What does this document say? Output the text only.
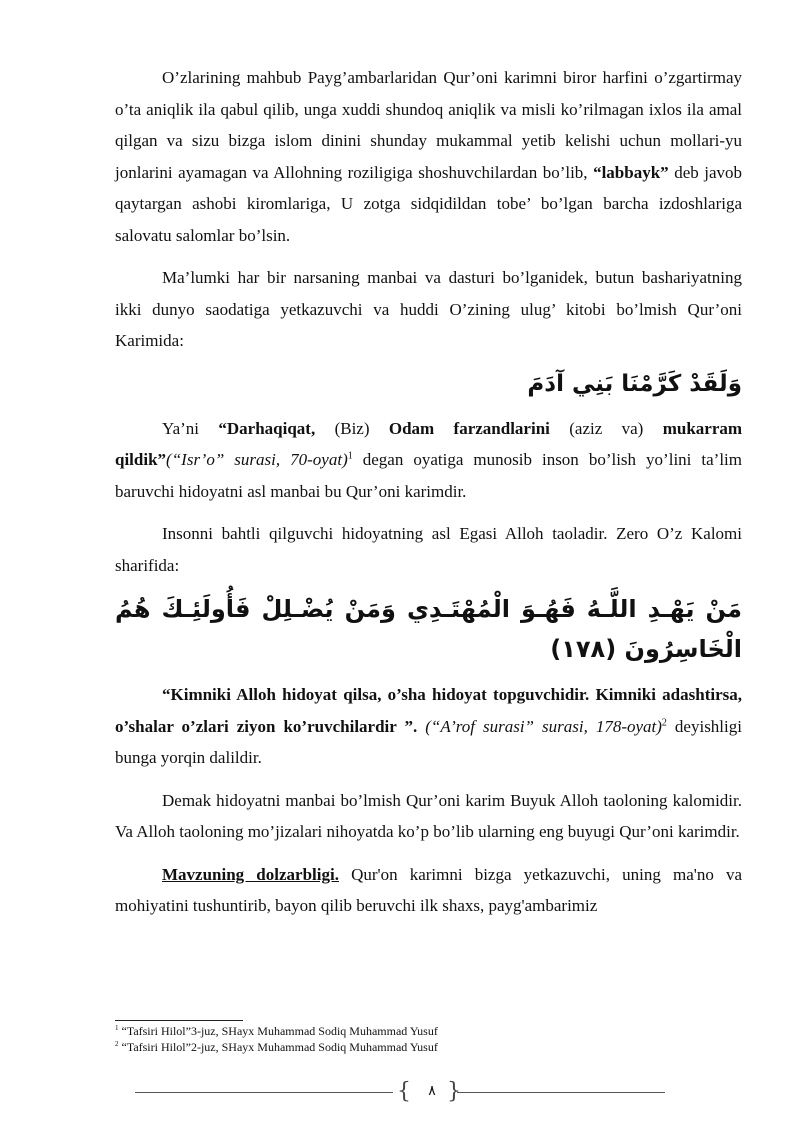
O’zlarining mahbub Payg’ambarlaridan Qur’oni karimni biror harfini o’zgartirmay o’ta aniqlik ila qabul qilib, unga xuddi shundoq aniqlik va misli ko’rilmagan ixlos ila amal qilgan va sizu bizga islom dinini shunday mukammal yetib kelishi uchun mollari-yu jonlarini ayamagan va Allohning roziligiga shoshuvchilardan bo’lib, “labbayk” deb javob qaytargan ashobi kiromlariga, U zotga sidqidildan tobe’ bo’lgan barcha izdoshlariga salovatu salomlar bo’lsin.

Ma’lumki har bir narsaning manbai va dasturi bo’lganidek, butun bashariyatning ikki dunyo saodatiga yetkazuvchi va huddi O’zining ulug’ kitobi bo’lmish Qur’oni Karimida:

وَلَقَدْ كَرَّمْنَا بَنِي آدَمَ

Ya’ni “Darhaqiqat, (Biz) Odam farzandlarini (aziz va) mukarram qildik”(“Isr’o” surasi, 70-oyat)$^1$ degan oyatiga munosib inson bo’lish yo’lini ta’lim baruvchi hidoyatni asl manbai bu Qur’oni karimdir.

Insonni bahtli qilguvchi hidoyatning asl Egasi Alloh taoladir. Zero O’z Kalomi sharifida:

مَنْ يَهْـدِ اللَّـهُ فَهُـوَ الْمُهْتَـدِي وَمَنْ يُضْـلِلْ فَأُولَئِـكَ هُمُ الْخَاسِرُونَ (١٧٨)

“Kimniki Alloh hidoyat qilsa, o’sha hidoyat topguvchidir. Kimniki adashtirsa, o’shalar o’zlari ziyon ko’ruvchilardir ”. (“A’rof surasi” surasi, 178-oyat)$^2$ deyishligi bunga yorqin dalildir.

Demak hidoyatni manbai bo’lmish Qur’oni karim Buyuk Alloh taoloning kalomidir. Va Alloh taoloning mo’jizalari nihoyatda ko’p bo’lib ularning eng buyugi Qur’oni karimdir.

Mavzuning dolzarbligi. Qur'on karimni bizga yetkazuvchi, uning ma'no va mohiyatini tushuntirib, bayon qilib beruvchi ilk shaxs, payg'ambarimiz

$^1$ “Tafsiri Hilol”3-juz, SHayx Muhammad Sodiq Muhammad Yusuf
$^2$ “Tafsiri Hilol”2-juz, SHayx Muhammad Sodiq Muhammad Yusuf
{	٨ }
